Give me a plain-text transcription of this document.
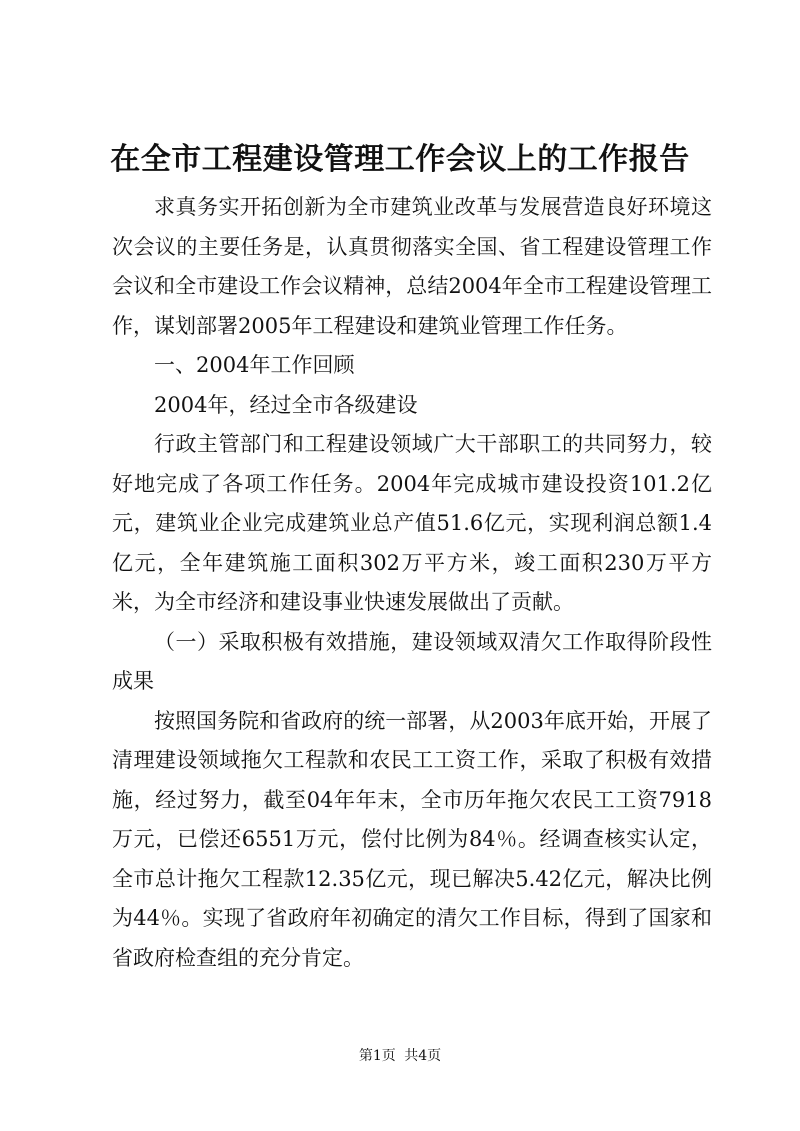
在全市工程建设管理工作会议上的工作报告

求真务实开拓创新为全市建筑业改革与发展营造良好环境这次会议的主要任务是，认真贯彻落实全国、省工程建设管理工作会议和全市建设工作会议精神，总结2004年全市工程建设管理工作，谋划部署2005年工程建设和建筑业管理工作任务。

一、2004年工作回顾

2004年，经过全市各级建设

行政主管部门和工程建设领域广大干部职工的共同努力，较好地完成了各项工作任务。2004年完成城市建设投资101.2亿元，建筑业企业完成建筑业总产值51.6亿元，实现利润总额1.4亿元，全年建筑施工面积302万平方米，竣工面积230万平方米，为全市经济和建设事业快速发展做出了贡献。

（一）采取积极有效措施，建设领域双清欠工作取得阶段性成果

按照国务院和省政府的统一部署，从2003年底开始，开展了清理建设领域拖欠工程款和农民工工资工作，采取了积极有效措施，经过努力，截至04年年末，全市历年拖欠农民工工资7918万元，已偿还6551万元，偿付比例为84％。经调查核实认定，全市总计拖欠工程款12.35亿元，现已解决5.42亿元，解决比例为44％。实现了省政府年初确定的清欠工作目标，得到了国家和省政府检查组的充分肯定。

第1页 共4页
